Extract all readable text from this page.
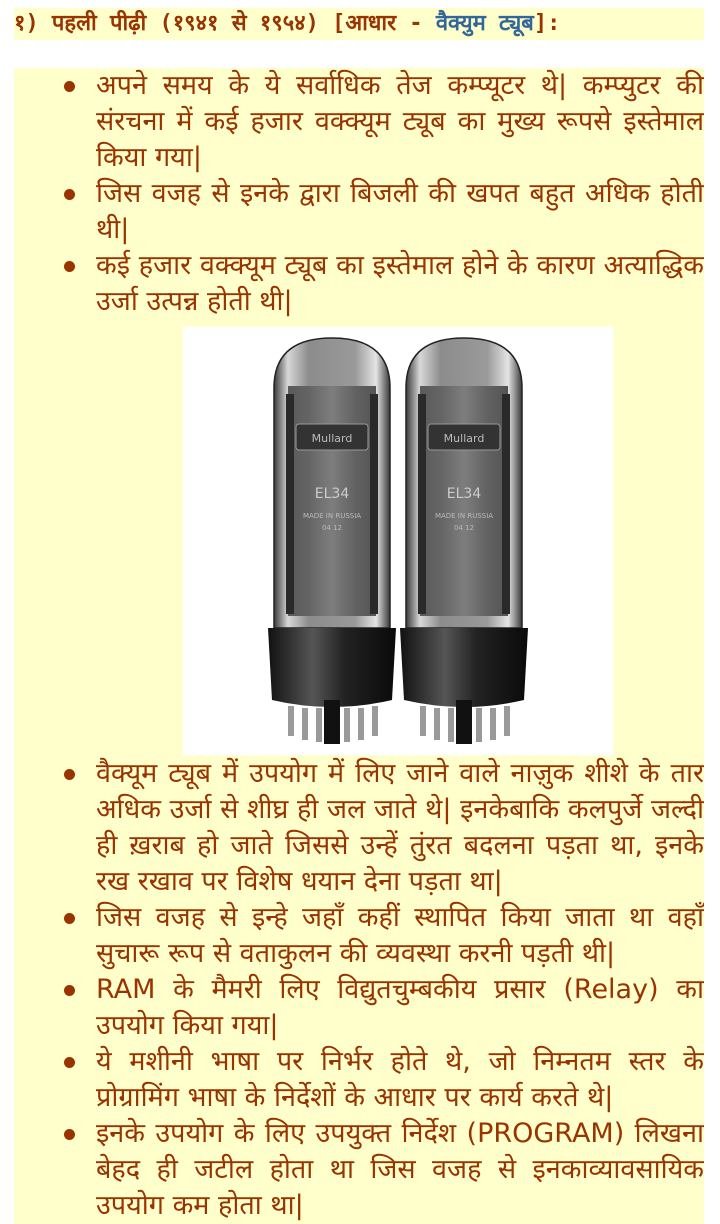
१) पहली पीढ़ी (१९४१ से १९५४) [आधार - वैक्युम ट्यूब]:
अपने समय के ये सर्वाधिक तेज कम्प्यूटर थे| कम्प्युटर की संरचना में कई हजार वक्क्यूम ट्यूब का मुख्य रूपसे इस्तेमाल किया गया|
जिस वजह से इनके द्वारा बिजली की खपत बहुत अधिक होती थी|
कई हजार वक्क्यूम ट्यूब का इस्तेमाल होने के कारण अत्याद्धिक उर्जा उत्पन्न होती थी|
Mullard
EL34
MADE IN RUSSIA
04 12
Mullard
EL34
MADE IN RUSSIA
04 12
वैक्यूम ट्यूब में उपयोग में लिए जाने वाले नाज़ुक शीशे के तार अधिक उर्जा से शीघ्र ही जल जाते थे| इनकेबाकि कलपुर्जे जल्दी ही ख़राब हो जाते जिससे उन्हें तुंरत बदलना पड़ता था, इनके रख रखाव पर विशेष धयान देना पड़ता था|
जिस वजह से इन्हे जहाँ कहीं स्थापित किया जाता था वहाँ सुचारू रूप से वताकुलन की व्यवस्था करनी पड़ती थी|
RAM के मैमरी लिए विद्युतचुम्बकीय प्रसार (Relay) का उपयोग किया गया|
ये मशीनी भाषा पर निर्भर होते थे, जो निम्नतम स्तर के प्रोग्रामिंग भाषा के निर्देशों के आधार पर कार्य करते थे|
इनके उपयोग के लिए उपयुक्त निर्देश (PROGRAM) लिखना बेहद ही जटील होता था जिस वजह से इनकाव्यावसायिक उपयोग कम होता था|
